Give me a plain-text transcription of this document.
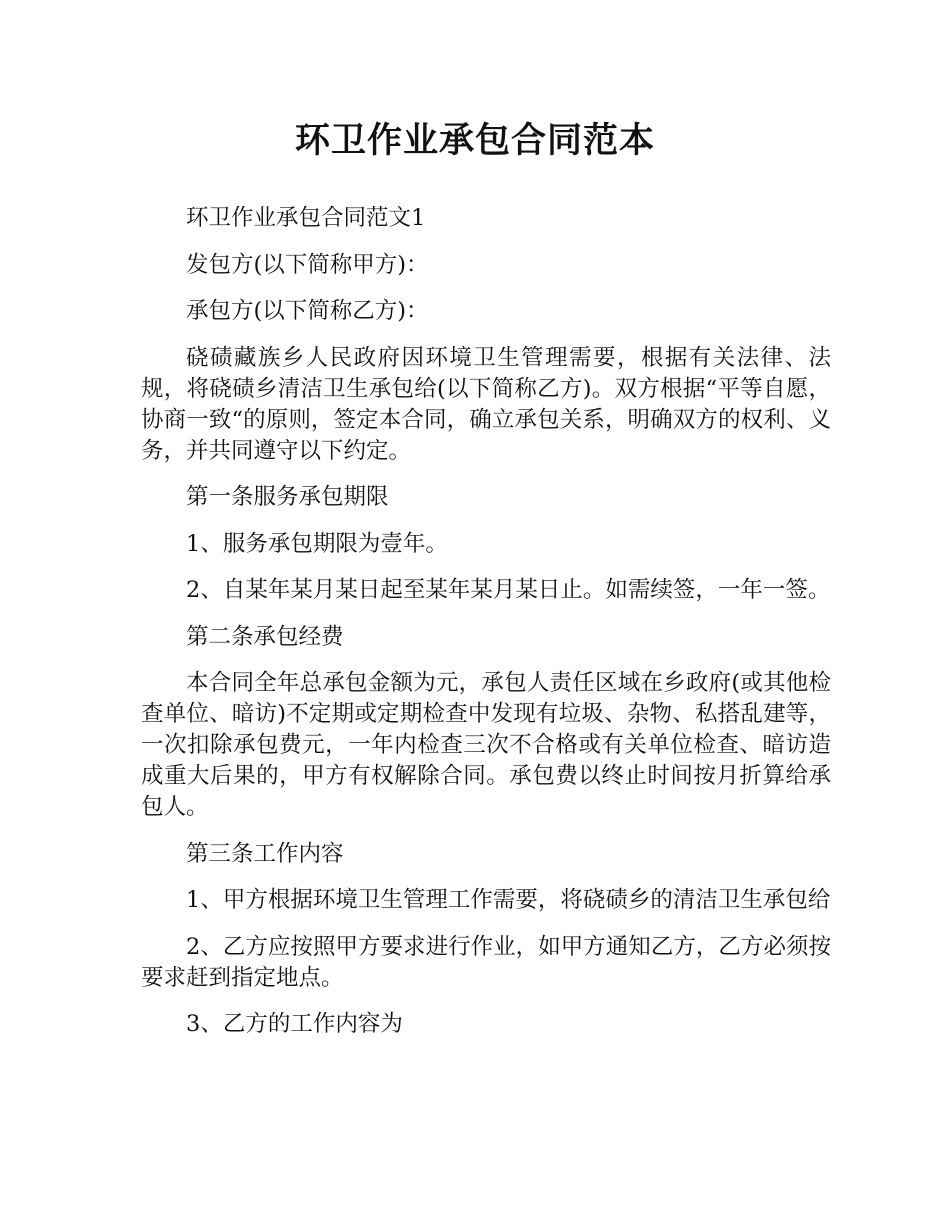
环卫作业承包合同范本

环卫作业承包合同范文1

发包方(以下简称甲方)：

承包方(以下简称乙方)：

硗碛藏族乡人民政府因环境卫生管理需要，根据有关法律、法规，将硗碛乡清洁卫生承包给(以下简称乙方)。双方根据“平等自愿，协商一致“的原则，签定本合同，确立承包关系，明确双方的权利、义务，并共同遵守以下约定。

第一条服务承包期限

1、服务承包期限为壹年。

2、自某年某月某日起至某年某月某日止。如需续签，一年一签。

第二条承包经费

本合同全年总承包金额为元，承包人责任区域在乡政府(或其他检查单位、暗访)不定期或定期检查中发现有垃圾、杂物、私搭乱建等，一次扣除承包费元，一年内检查三次不合格或有关单位检查、暗访造成重大后果的，甲方有权解除合同。承包费以终止时间按月折算给承包人。

第三条工作内容

1、甲方根据环境卫生管理工作需要，将硗碛乡的清洁卫生承包给

2、乙方应按照甲方要求进行作业，如甲方通知乙方，乙方必须按要求赶到指定地点。

3、乙方的工作内容为
